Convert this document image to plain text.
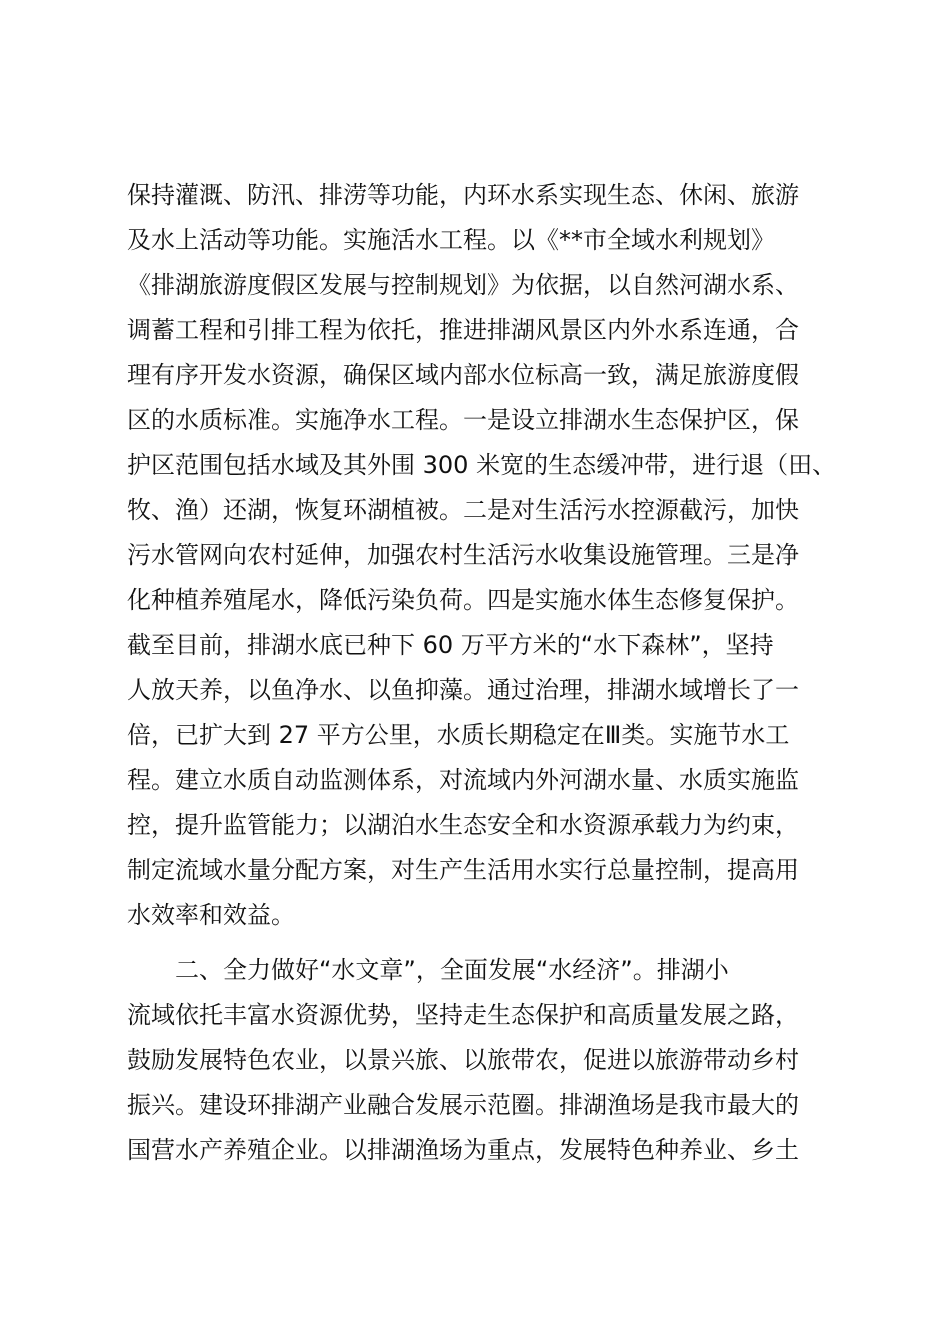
保持灌溉、防汛、排涝等功能，内环水系实现生态、休闲、旅游
及水上活动等功能。实施活水工程。以《**市全域水利规划》
《排湖旅游度假区发展与控制规划》为依据，以自然河湖水系、
调蓄工程和引排工程为依托，推进排湖风景区内外水系连通，合
理有序开发水资源，确保区域内部水位标高一致，满足旅游度假
区的水质标准。实施净水工程。一是设立排湖水生态保护区，保
护区范围包括水域及其外围 300 米宽的生态缓冲带，进行退（田、
牧、渔）还湖，恢复环湖植被。二是对生活污水控源截污，加快
污水管网向农村延伸，加强农村生活污水收集设施管理。三是净
化种植养殖尾水，降低污染负荷。四是实施水体生态修复保护。
截至目前，排湖水底已种下 60 万平方米的“水下森林”，坚持
人放天养，以鱼净水、以鱼抑藻。通过治理，排湖水域增长了一
倍，已扩大到 27 平方公里，水质长期稳定在Ⅲ类。实施节水工
程。建立水质自动监测体系，对流域内外河湖水量、水质实施监
控，提升监管能力；以湖泊水生态安全和水资源承载力为约束，
制定流域水量分配方案，对生产生活用水实行总量控制，提高用
水效率和效益。
二、全力做好“水文章”，全面发展“水经济”。排湖小
流域依托丰富水资源优势，坚持走生态保护和高质量发展之路，
鼓励发展特色农业，以景兴旅、以旅带农，促进以旅游带动乡村
振兴。建设环排湖产业融合发展示范圈。排湖渔场是我市最大的
国营水产养殖企业。以排湖渔场为重点，发展特色种养业、乡土
